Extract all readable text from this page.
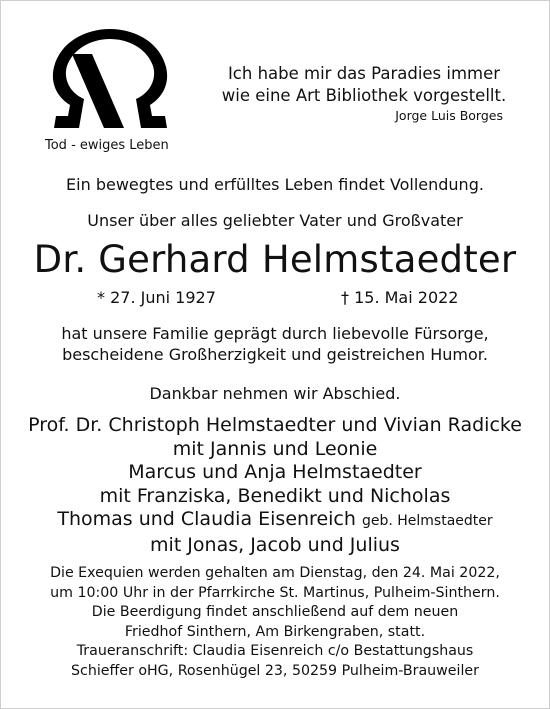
Tod - ewiges Leben
Ich habe mir das Paradies immer
wie eine Art Bibliothek vorgestellt.
Jorge Luis Borges
Ein bewegtes und erfülltes Leben findet Vollendung.
Unser über alles geliebter Vater und Großvater
Dr. Gerhard Helmstaedter
* 27. Juni 1927	† 15. Mai 2022
hat unsere Familie geprägt durch liebevolle Fürsorge,
bescheidene Großherzigkeit und geistreichen Humor.
Dankbar nehmen wir Abschied.
Prof. Dr. Christoph Helmstaedter und Vivian Radicke
mit Jannis und Leonie
Marcus und Anja Helmstaedter
mit Franziska, Benedikt und Nicholas
Thomas und Claudia Eisenreich geb. Helmstaedter
mit Jonas, Jacob und Julius
Die Exequien werden gehalten am Dienstag, den 24. Mai 2022,
um 10:00 Uhr in der Pfarrkirche St. Martinus, Pulheim-Sinthern.
Die Beerdigung findet anschließend auf dem neuen
Friedhof Sinthern, Am Birkengraben, statt.
Traueranschrift: Claudia Eisenreich c/o Bestattungshaus
Schieffer oHG, Rosenhügel 23, 50259 Pulheim-Brauweiler
